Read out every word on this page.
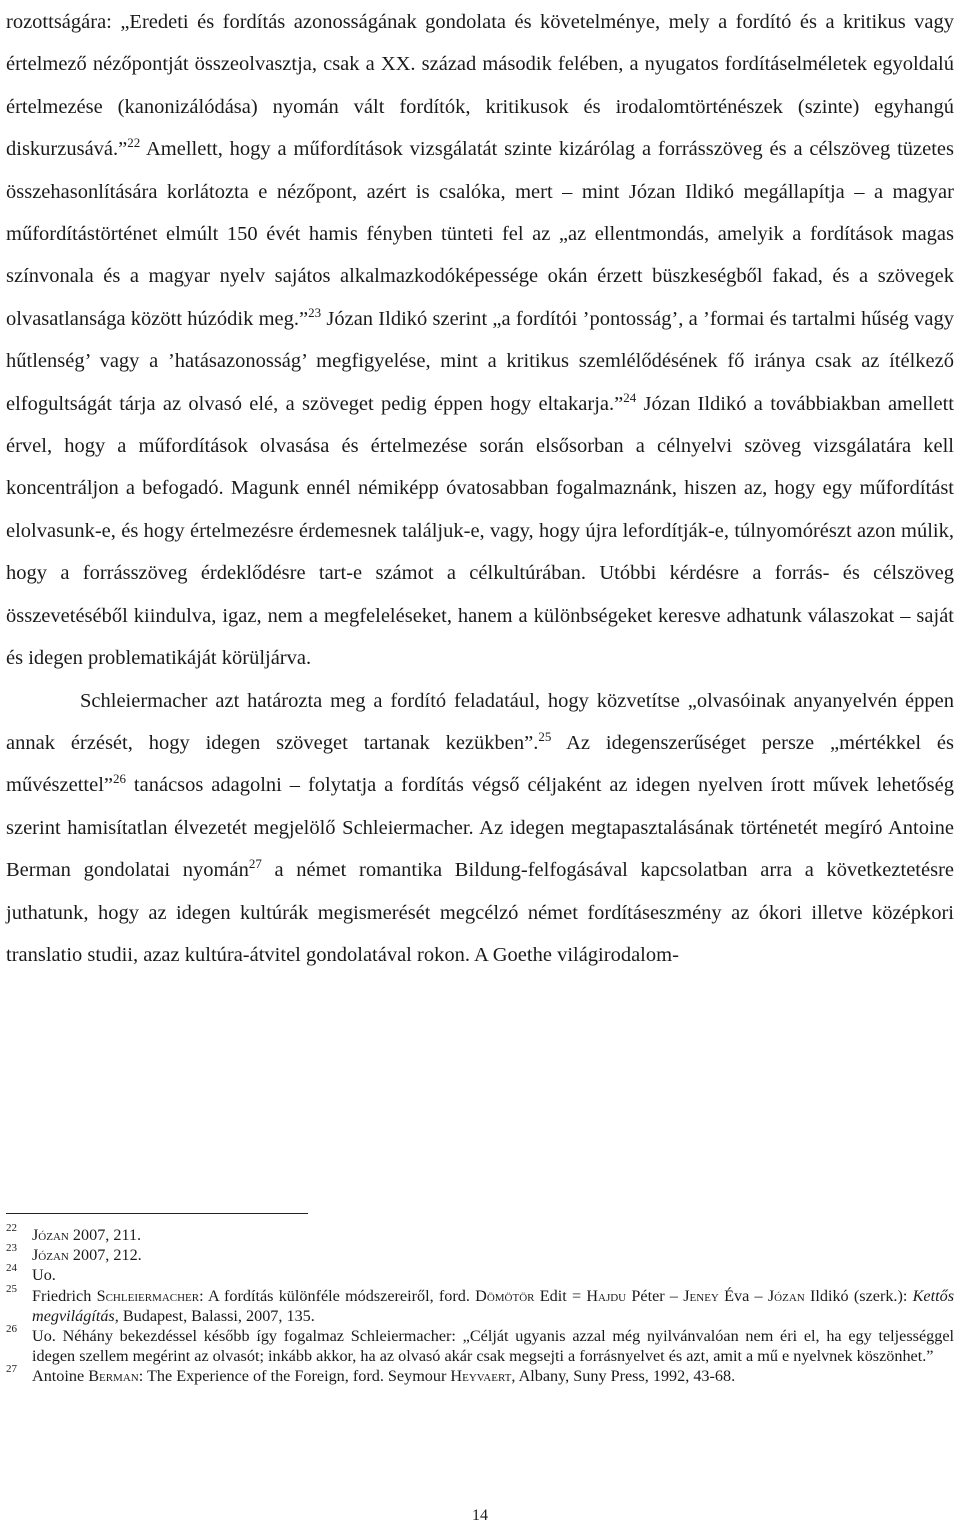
rozottságára: „Eredeti és fordítás azonosságának gondolata és követelménye, mely a fordító és a kritikus vagy értelmező nézőpontját összeolvasztja, csak a XX. század második felében, a nyugatos fordításelméletek egyoldalú értelmezése (kanonizálódása) nyomán vált fordítók, kritikusok és irodalomtörténészek (szinte) egyhangú diskurzusává.”$^{22}$ Amellett, hogy a műfordítások vizsgálatát szinte kizárólag a forrásszöveg és a célszöveg tüzetes összehasonlítására korlátozta e nézőpont, azért is csalóka, mert – mint Józan Ildikó megállapítja – a magyar műfordítástörténet elmúlt 150 évét hamis fényben tünteti fel az „az ellentmondás, amelyik a fordítások magas színvonala és a magyar nyelv sajátos alkalmazkodóképessége okán érzett büszkeségből fakad, és a szövegek olvasatlansága között húzódik meg.”$^{23}$ Józan Ildikó szerint „a fordítói ’pontosság’, a ’formai és tartalmi hűség vagy hűtlenség’ vagy a ’hatásazonosság’ megfigyelése, mint a kritikus szemlélődésének fő iránya csak az ítélkező elfogultságát tárja az olvasó elé, a szöveget pedig éppen hogy eltakarja.”$^{24}$ Józan Ildikó a továbbiakban amellett érvel, hogy a műfordítások olvasása és értelmezése során elsősorban a célnyelvi szöveg vizsgálatára kell koncentráljon a befogadó. Magunk ennél némiképp óvatosabban fogalmaznánk, hiszen az, hogy egy műfordítást elolvasunk-e, és hogy értelmezésre érdemesnek találjuk-e, vagy, hogy újra lefordítják-e, túlnyomórészt azon múlik, hogy a forrásszöveg érdeklődésre tart-e számot a célkultúrában. Utóbbi kérdésre a forrás- és célszöveg összevetéséből kiindulva, igaz, nem a megfeleléseket, hanem a különbségeket keresve adhatunk válaszokat – saját és idegen problematikáját körüljárva.

Schleiermacher azt határozta meg a fordító feladatául, hogy közvetítse „olvasóinak anyanyelvén éppen annak érzését, hogy idegen szöveget tartanak kezükben”.$^{25}$ Az idegenszerűséget persze „mértékkel és művészettel”$^{26}$ tanácsos adagolni – folytatja a fordítás végső céljaként az idegen nyelven írott művek lehetőség szerint hamisítatlan élvezetét megjelölő Schleiermacher. Az idegen megtapasztalásának történetét megíró Antoine Berman gondolatai nyomán$^{27}$ a német romantika Bildung-felfogásával kapcsolatban arra a következtetésre juthatunk, hogy az idegen kultúrák megismerését megcélzó német fordításeszmény az ókori illetve középkori translatio studii, azaz kultúra-átvitel gondolatával rokon. A Goethe világirodalom-

22 Józan 2007, 211.
23 Józan 2007, 212.
24 Uo.
25 Friedrich Schleiermacher: A fordítás különféle módszereiről, ford. Dömötör Edit = Hajdu Péter – Jeney Éva – Józan Ildikó (szerk.): Kettős megvilágítás, Budapest, Balassi, 2007, 135.
26 Uo. Néhány bekezdéssel később így fogalmaz Schleiermacher: „Célját ugyanis azzal még nyilvánvalóan nem éri el, ha egy teljességgel idegen szellem megérint az olvasót; inkább akkor, ha az olvasó akár csak megsejti a forrásnyelvet és azt, amit a mű e nyelvnek köszönhet.”
27 Antoine Berman: The Experience of the Foreign, ford. Seymour Heyvaert, Albany, Suny Press, 1992, 43-68.
14
